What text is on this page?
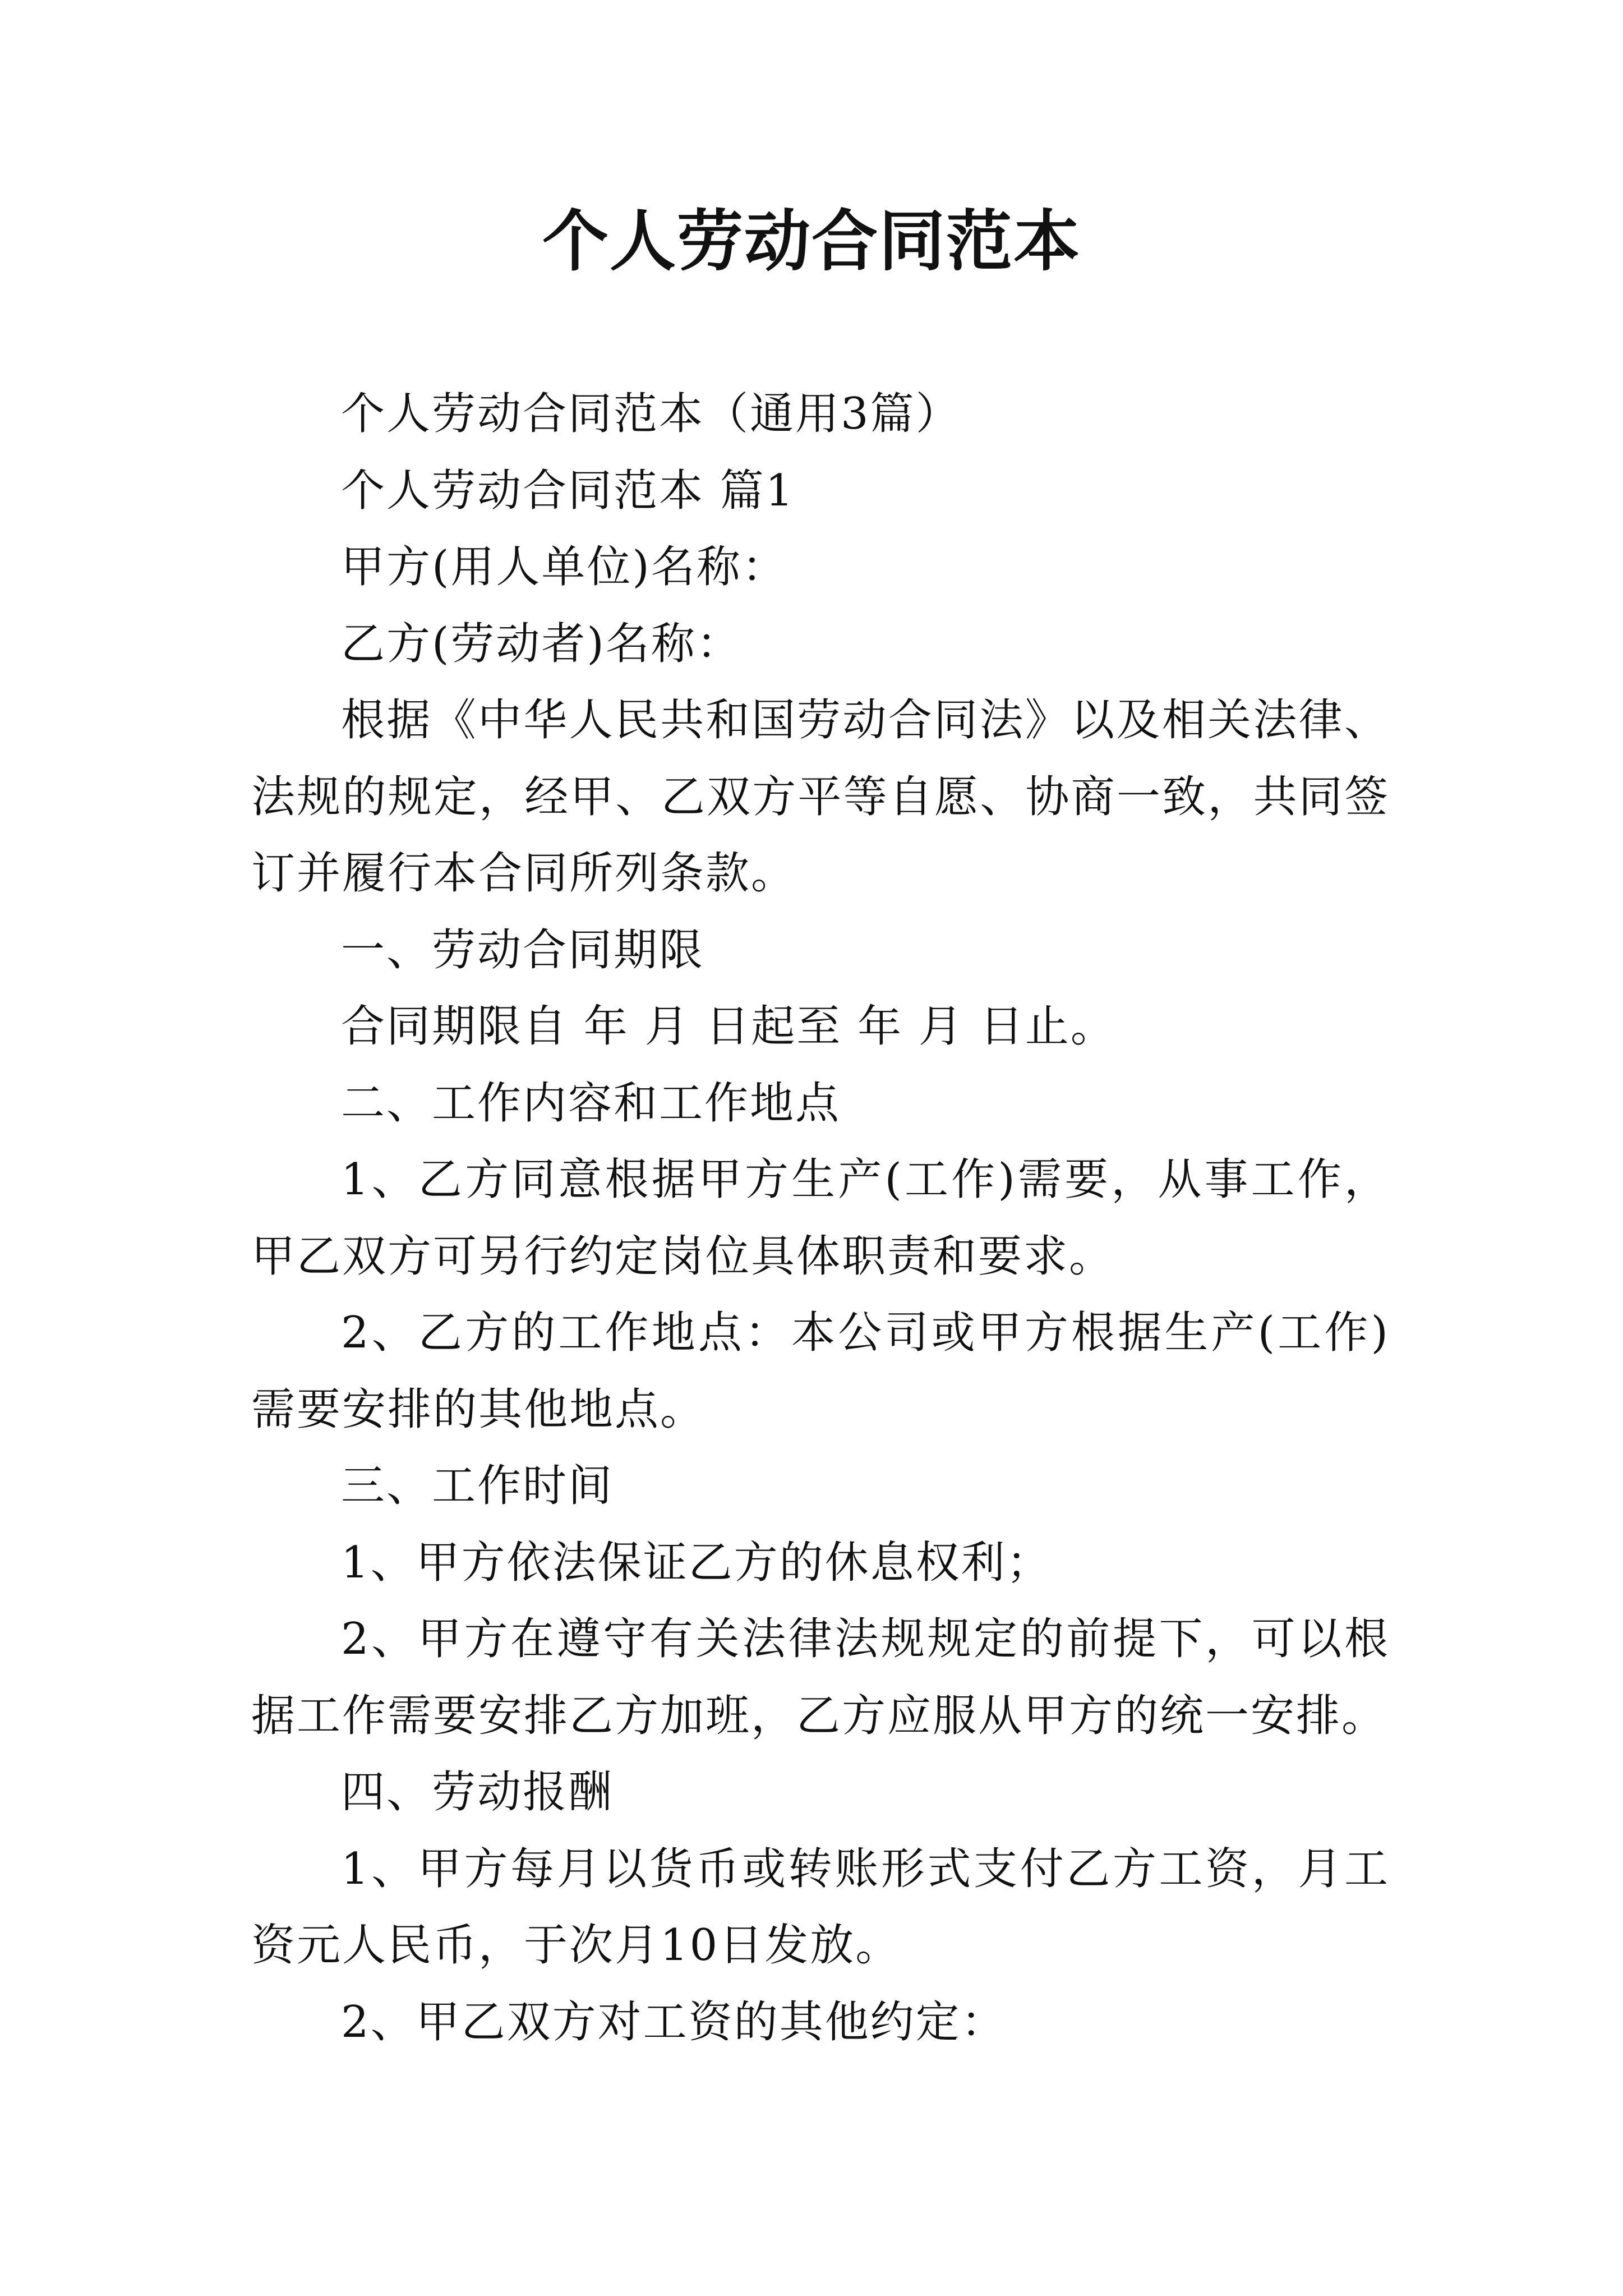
个人劳动合同范本

个人劳动合同范本（通用3篇）

个人劳动合同范本 篇1

甲方(用人单位)名称：

乙方(劳动者)名称：

根据《中华人民共和国劳动合同法》以及相关法律、法规的规定，经甲、乙双方平等自愿、协商一致，共同签订并履行本合同所列条款。

一、劳动合同期限

合同期限自 年 月 日起至 年 月 日止。

二、工作内容和工作地点

1、乙方同意根据甲方生产(工作)需要，从事工作，甲乙双方可另行约定岗位具体职责和要求。

2、乙方的工作地点：本公司或甲方根据生产(工作)需要安排的其他地点。

三、工作时间

1、甲方依法保证乙方的休息权利；

2、甲方在遵守有关法律法规规定的前提下，可以根据工作需要安排乙方加班，乙方应服从甲方的统一安排。

四、劳动报酬

1、甲方每月以货币或转账形式支付乙方工资，月工资元人民币，于次月10日发放。

2、甲乙双方对工资的其他约定：
